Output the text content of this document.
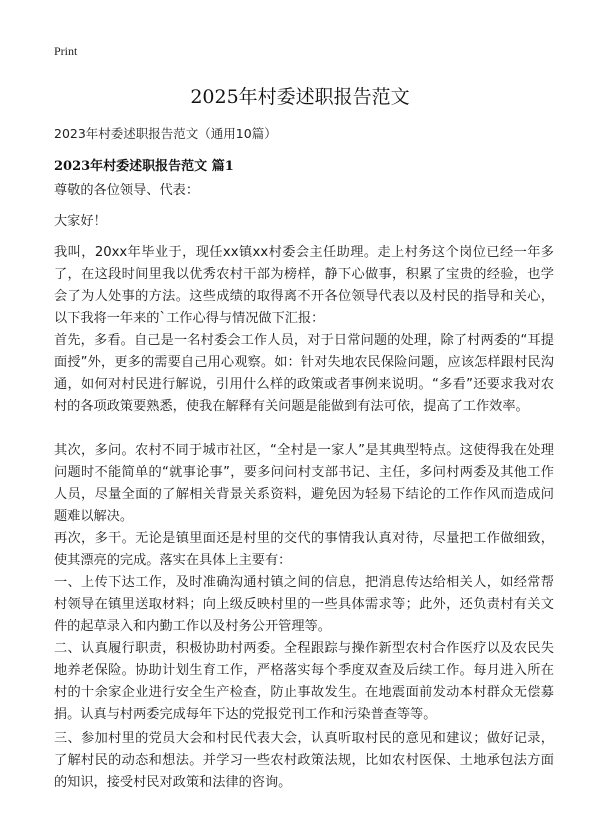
Print
2025年村委述职报告范文
2023年村委述职报告范文（通用10篇）
2023年村委述职报告范文 篇1
尊敬的各位领导、代表：
大家好！
我叫，20xx年毕业于，现任xx镇xx村委会主任助理。走上村务这个岗位已经一年多了，在这段时间里我以优秀农村干部为榜样，静下心做事，积累了宝贵的经验，也学会了为人处事的方法。这些成绩的取得离不开各位领导代表以及村民的指导和关心，以下我将一年来的`工作心得与情况做下汇报：
首先，多看。自己是一名村委会工作人员，对于日常问题的处理，除了村两委的“耳提面授”外，更多的需要自己用心观察。如：针对失地农民保险问题，应该怎样跟村民沟通，如何对村民进行解说，引用什么样的政策或者事例来说明。“多看”还要求我对农村的各项政策要熟悉，使我在解释有关问题是能做到有法可依，提高了工作效率。
其次，多问。农村不同于城市社区，“全村是一家人”是其典型特点。这使得我在处理问题时不能简单的“就事论事”，要多问问村支部书记、主任，多问村两委及其他工作人员，尽量全面的了解相关背景关系资料，避免因为轻易下结论的工作作风而造成问题难以解决。
再次，多干。无论是镇里面还是村里的交代的事情我认真对待，尽量把工作做细致，使其漂亮的完成。落实在具体上主要有：
一、上传下达工作，及时准确沟通村镇之间的信息，把消息传达给相关人，如经常帮村领导在镇里送取材料；向上级反映村里的一些具体需求等；此外，还负责村有关文件的起草录入和内勤工作以及村务公开管理等。
二、认真履行职责，积极协助村两委。全程跟踪与操作新型农村合作医疗以及农民失地养老保险。协助计划生育工作，严格落实每个季度双查及后续工作。每月进入所在村的十余家企业进行安全生产检查，防止事故发生。在地震面前发动本村群众无偿募捐。认真与村两委完成每年下达的党报党刊工作和污染普查等等。
三、参加村里的党员大会和村民代表大会，认真听取村民的意见和建议；做好记录，了解村民的动态和想法。并学习一些农村政策法规，比如农村医保、土地承包法方面的知识，接受村民对政策和法律的咨询。
